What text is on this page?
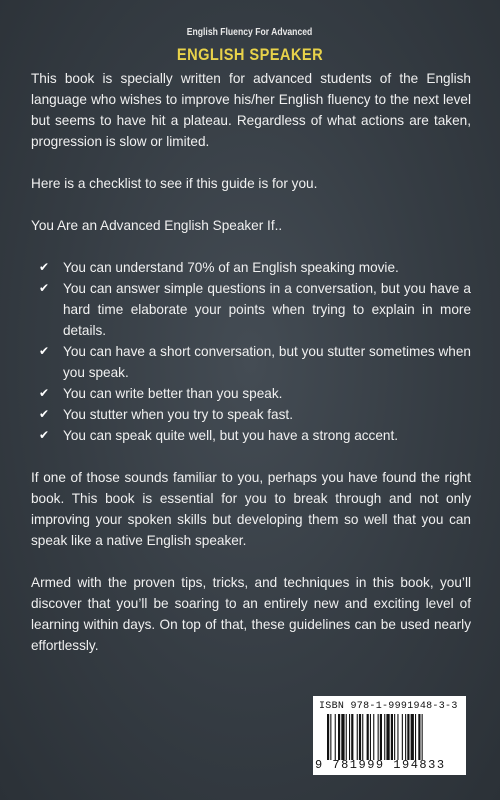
English Fluency For Advanced
ENGLISH SPEAKER

This book is specially written for advanced students of the English language who wishes to improve his/her English fluency to the next level but seems to have hit a plateau. Regardless of what actions are taken, progression is slow or limited.

Here is a checklist to see if this guide is for you.

You Are an Advanced English Speaker If..

✔	You can understand 70% of an English speaking movie.
✔	You can answer simple questions in a conversation, but you have a hard time elaborate your points when trying to explain in more details.
✔	You can have a short conversation, but you stutter sometimes when you speak.
✔	You can write better than you speak.
✔	You stutter when you try to speak fast.
✔	You can speak quite well, but you have a strong accent.

If one of those sounds familiar to you, perhaps you have found the right book. This book is essential for you to break through and not only improving your spoken skills but developing them so well that you can speak like a native English speaker.

Armed with the proven tips, tricks, and techniques in this book, you’ll discover that you’ll be soaring to an entirely new and exciting level of learning within days. On top of that, these guidelines can be used nearly effortlessly.

ISBN 978-1-9991948-3-3
9 781999 194833
